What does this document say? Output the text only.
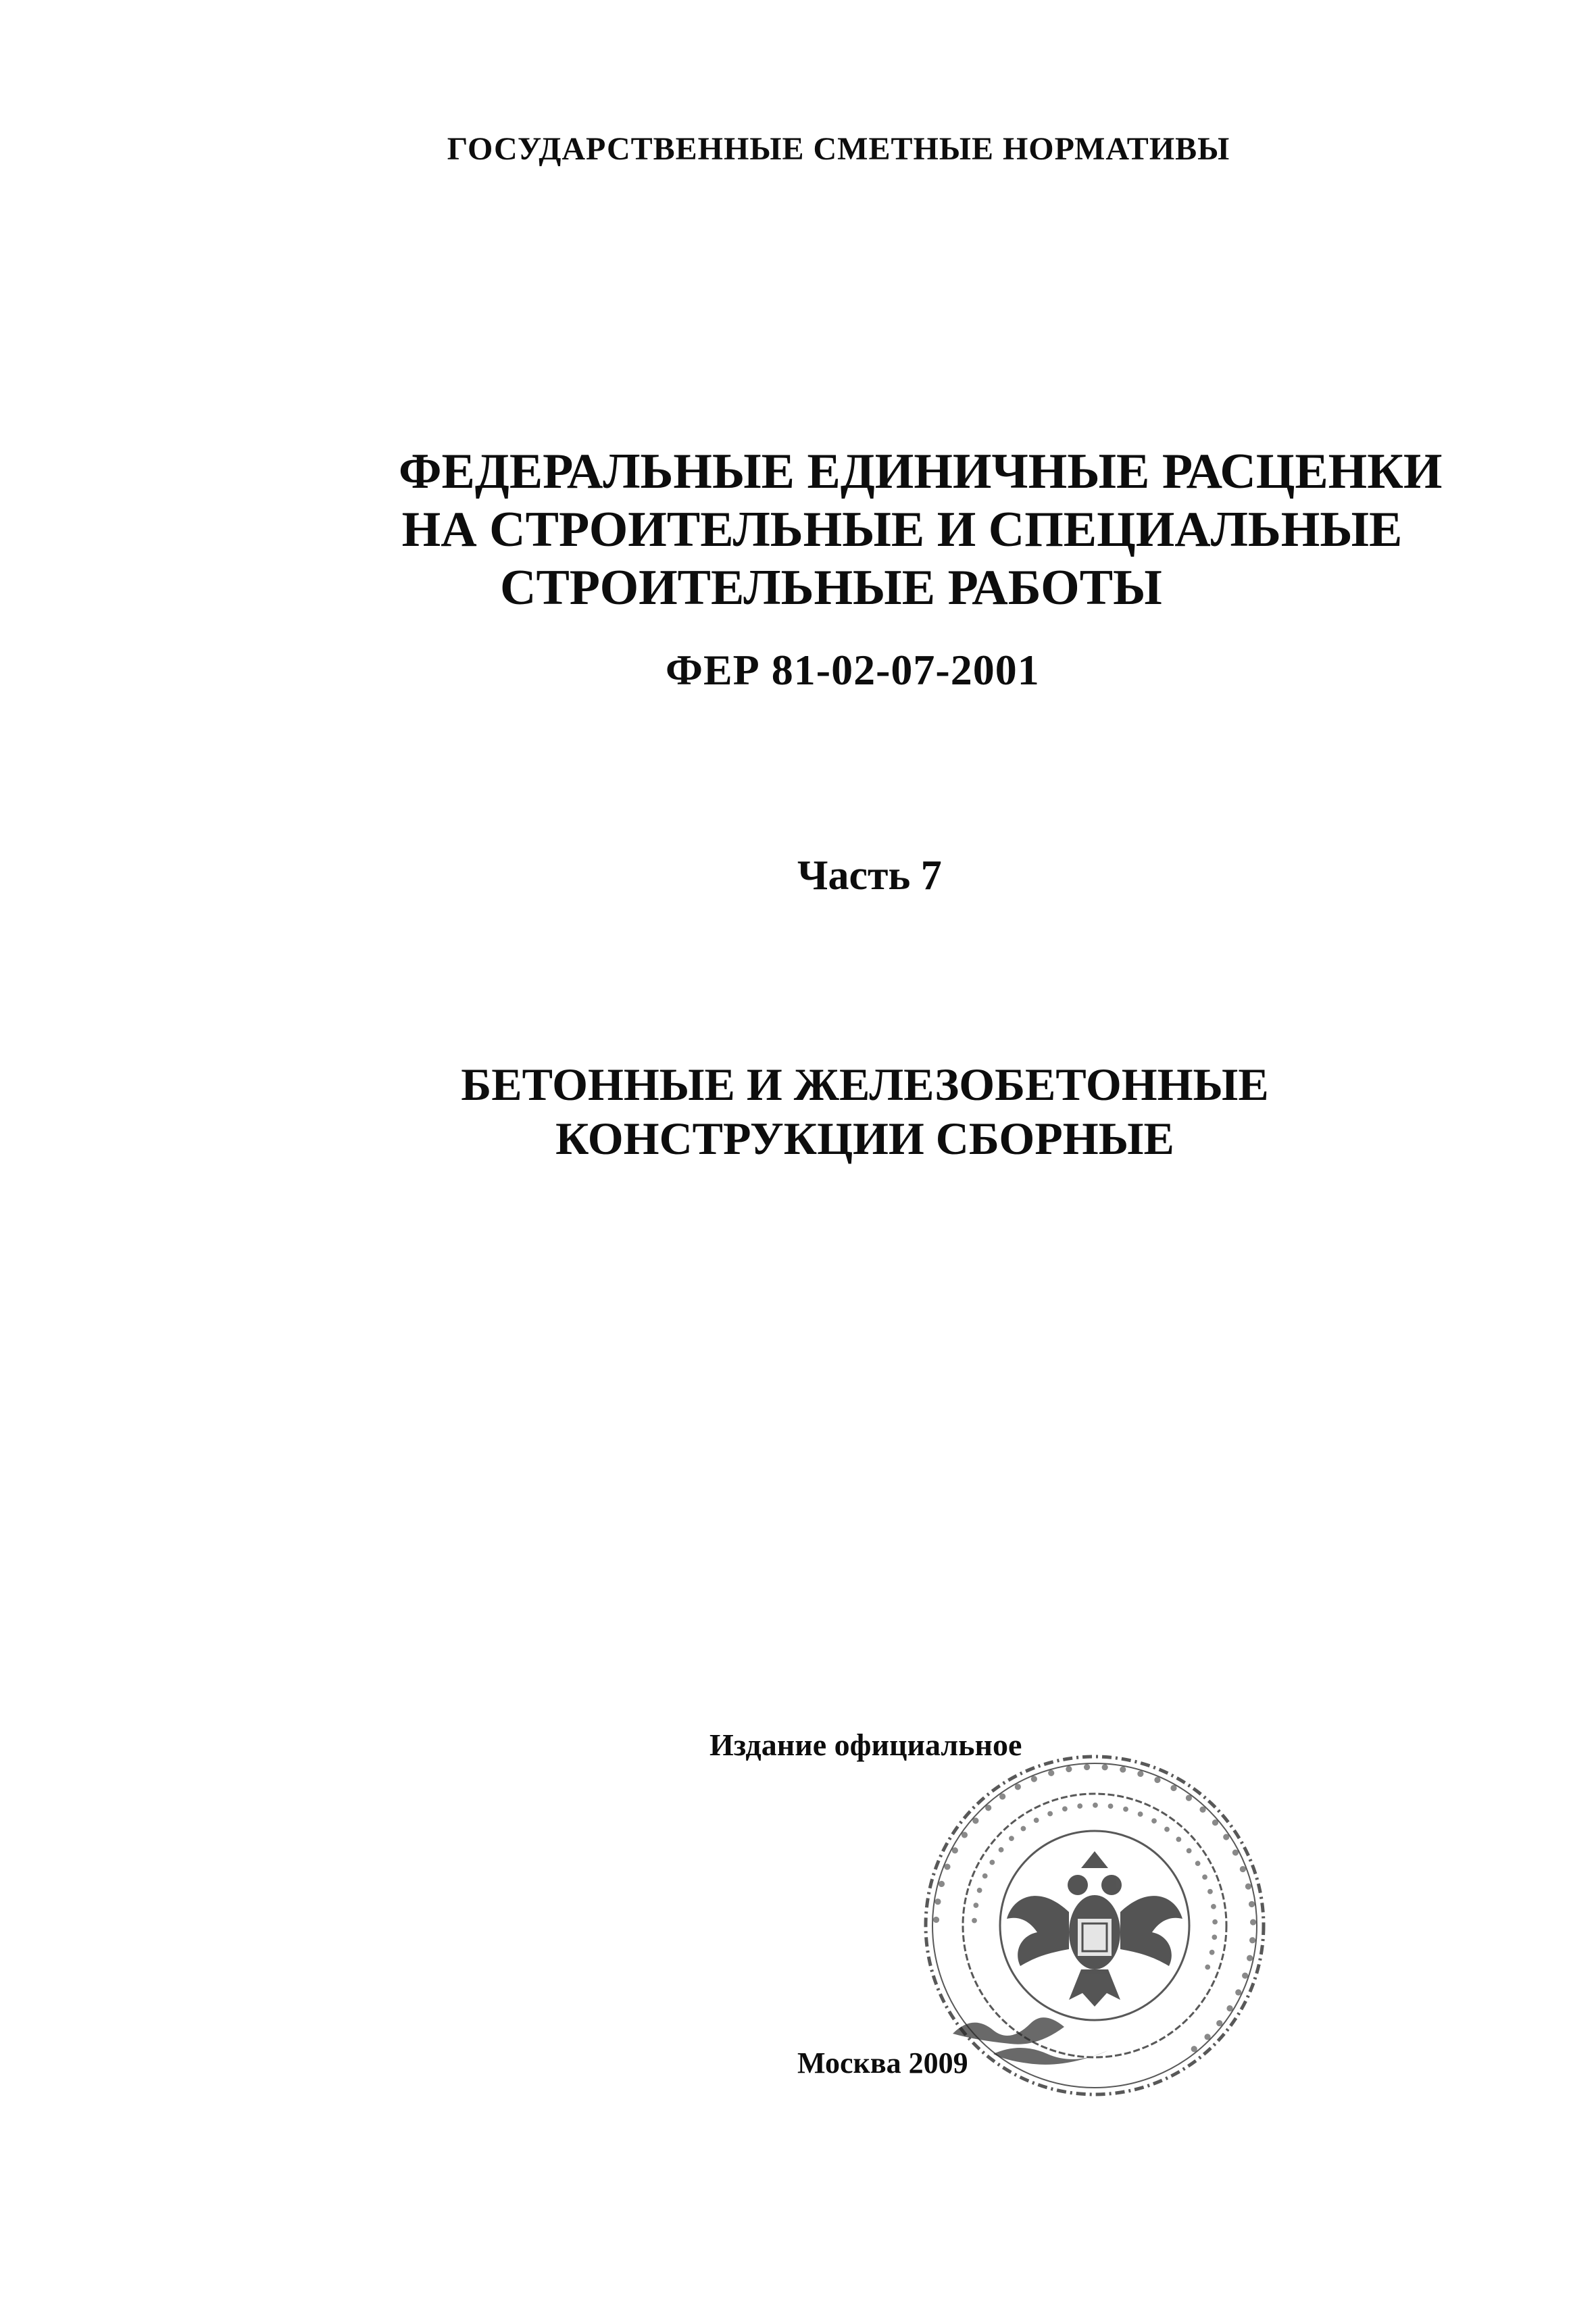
ГОСУДАРСТВЕННЫЕ СМЕТНЫЕ НОРМАТИВЫ
ФЕДЕРАЛЬНЫЕ ЕДИНИЧНЫЕ РАСЦЕНКИ
НА СТРОИТЕЛЬНЫЕ И СПЕЦИАЛЬНЫЕ
СТРОИТЕЛЬНЫЕ РАБОТЫ
ФЕР 81-02-07-2001
Часть 7
БЕТОННЫЕ И ЖЕЛЕЗОБЕТОННЫЕ
КОНСТРУКЦИИ СБОРНЫЕ
Издание официальное
• • • • • • • • • • • • • • • • • • • • • • • • • • • • • • • • • • • •
• • • • • • • • • • • • • • • • • • • • • • • • • • • •
Москва 2009
